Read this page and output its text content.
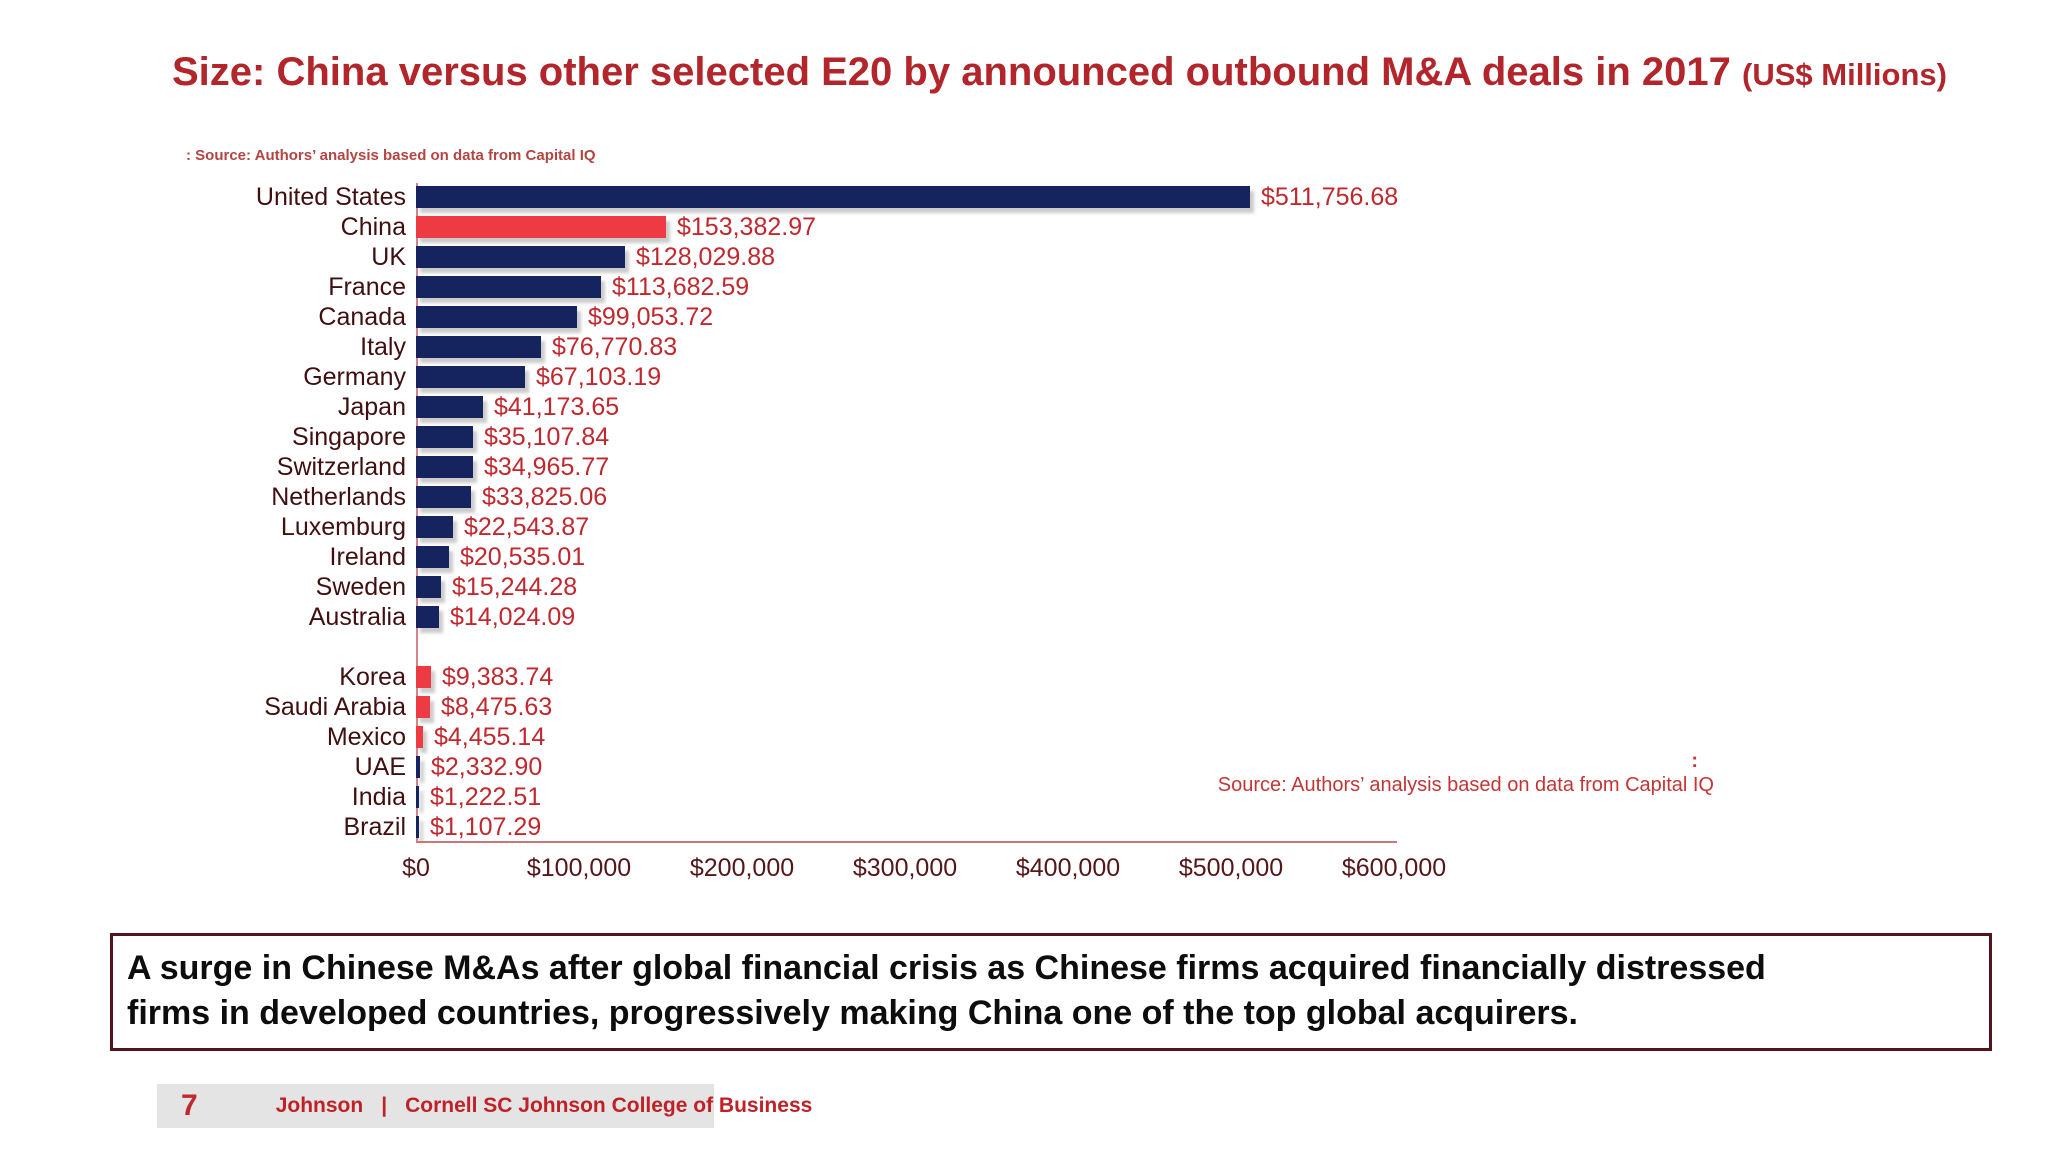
Size: China versus other selected E20 by announced outbound M&A deals in 2017 (US$ Millions)
: Source: Authors’ analysis based on data from Capital IQ
United States	$511,756.68
China	$153,382.97
UK	$128,029.88
France	$113,682.59
Canada	$99,053.72
Italy	$76,770.83
Germany	$67,103.19
Japan	$41,173.65
Singapore	$35,107.84
Switzerland	$34,965.77
Netherlands	$33,825.06
Luxemburg $22,543.87
Ireland $20,535.01
Sweden $15,244.28
Australia $14,024.09
Korea $9,383.74
Saudi Arabia $8,475.63
Mexico $4,455.14
UAE $2,332.90
India $1,222.51
Brazil $1,107.29
$0	$100,000	$200,000	$300,000	$400,000	$500,000	$600,000
:
Source: Authors’ analysis based on data from Capital IQ
A surge in Chinese M&As after global financial crisis as Chinese firms acquired financially distressed
firms in developed countries, progressively making China one of the top global acquirers.
7	Johnson | Cornell SC Johnson College of Business
